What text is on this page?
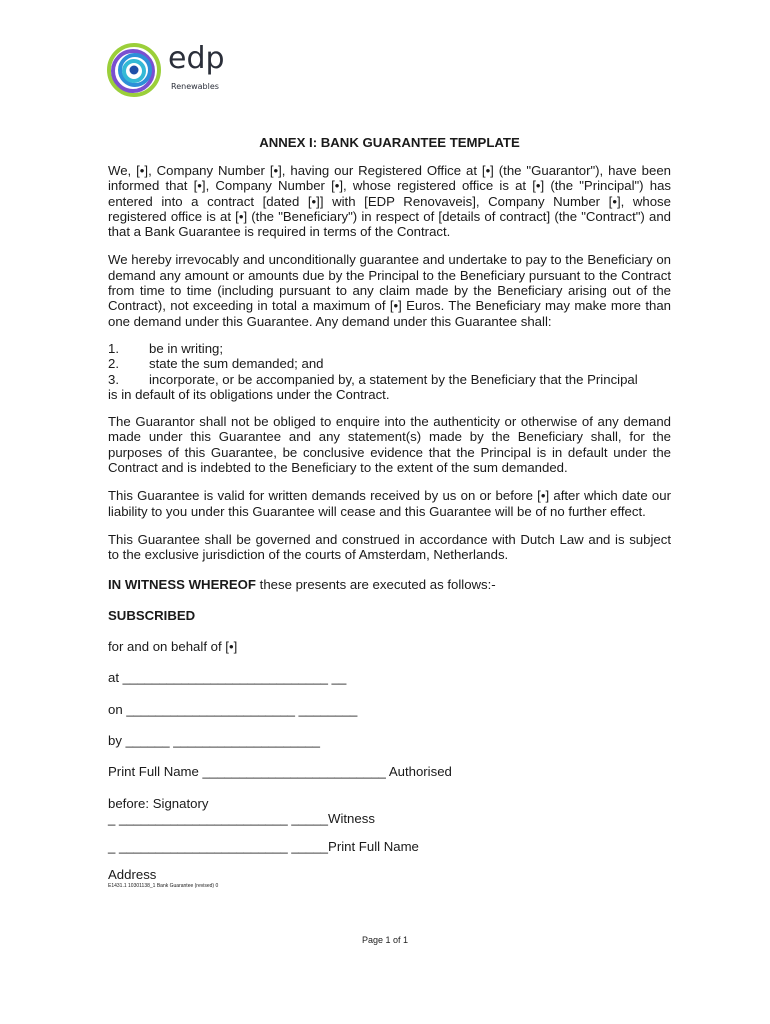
edp
Renewables
ANNEX I: BANK GUARANTEE TEMPLATE

We, [•], Company Number [•], having our Registered Office at [•] (the "Guarantor"), have been informed that [•], Company Number [•], whose registered office is at [•] (the "Principal") has entered into a contract [dated [•]] with [EDP Renovaveis], Company Number [•], whose registered office is at [•] (the "Beneficiary") in respect of [details of contract] (the "Contract") and that a Bank Guarantee is required in terms of the Contract.

We hereby irrevocably and unconditionally guarantee and undertake to pay to the Beneficiary on demand any amount or amounts due by the Principal to the Beneficiary pursuant to the Contract from time to time (including pursuant to any claim made by the Beneficiary arising out of the Contract), not exceeding in total a maximum of [•] Euros. The Beneficiary may make more than one demand under this Guarantee. Any demand under this Guarantee shall:

1. be in writing;
2. state the sum demanded; and
3. incorporate, or be accompanied by, a statement by the Beneficiary that the Principal
is in default of its obligations under the Contract.

The Guarantor shall not be obliged to enquire into the authenticity or otherwise of any demand made under this Guarantee and any statement(s) made by the Beneficiary shall, for the purposes of this Guarantee, be conclusive evidence that the Principal is in default under the Contract and is indebted to the Beneficiary to the extent of the sum demanded.

This Guarantee is valid for written demands received by us on or before [•] after which date our liability to you under this Guarantee will cease and this Guarantee will be of no further effect.

This Guarantee shall be governed and construed in accordance with Dutch Law and is subject to the exclusive jurisdiction of the courts of Amsterdam, Netherlands.

IN WITNESS WHEREOF these presents are executed as follows:-

SUBSCRIBED

for and on behalf of [•]

at ____________________________ __

on _______________________ ________

by ______ ____________________

Print Full Name _________________________ Authorised

before: Signatory

_ _______________________ _____Witness

_ _______________________ _____Print Full Name

Address

E1431.1 10301138_1 Bank Guarantee (revised) 0
Page 1 of 1
